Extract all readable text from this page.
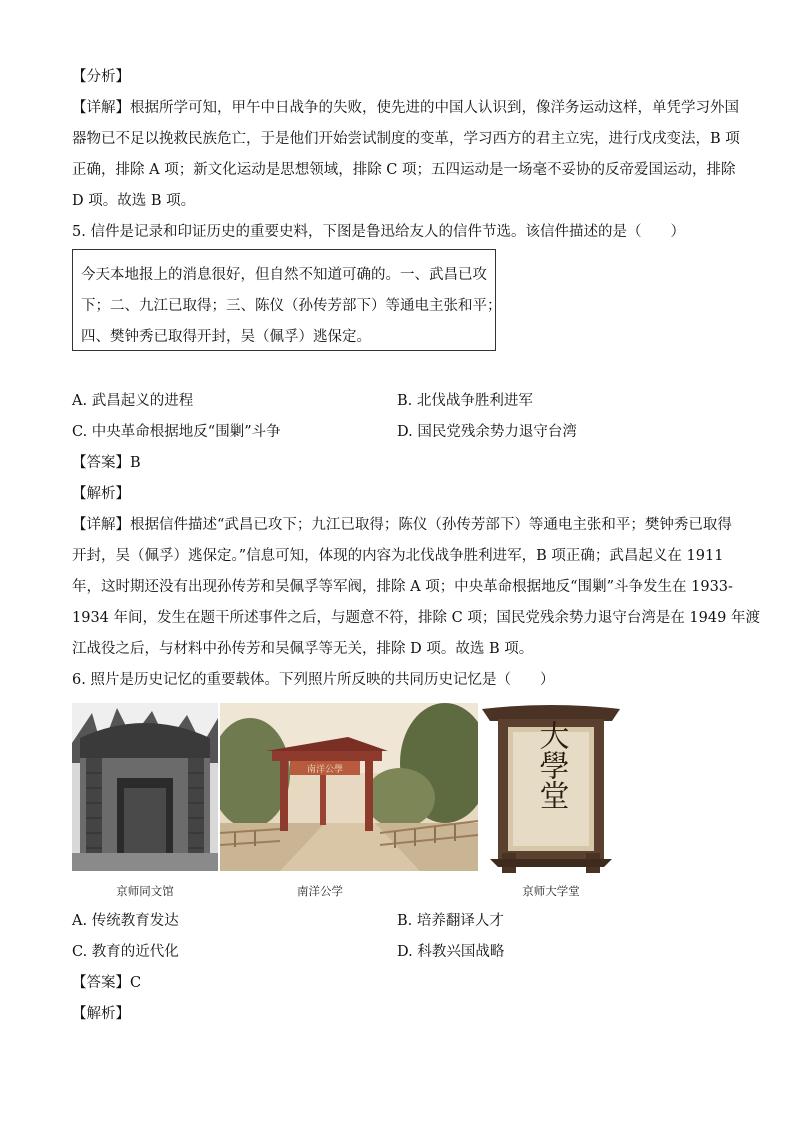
【分析】
【详解】根据所学可知，甲午中日战争的失败，使先进的中国人认识到，像洋务运动这样，单凭学习外国
器物已不足以挽救民族危亡，于是他们开始尝试制度的变革，学习西方的君主立宪，进行戊戌变法，B 项
正确，排除 A 项；新文化运动是思想领域，排除 C 项；五四运动是一场毫不妥协的反帝爱国运动，排除
D 项。故选 B 项。
5. 信件是记录和印证历史的重要史料，下图是鲁迅给友人的信件节选。该信件描述的是（　　）
今天本地报上的消息很好，但自然不知道可确的。一、武昌已攻
下；二、九江已取得；三、陈仪（孙传芳部下）等通电主张和平；
四、樊钟秀已取得开封，吴（佩孚）逃保定。
A. 武昌起义的进程	B. 北伐战争胜利进军
C. 中央革命根据地反“围剿”斗争	D. 国民党残余势力退守台湾
【答案】B
【解析】
【详解】根据信件描述“武昌已攻下；九江已取得；陈仪（孙传芳部下）等通电主张和平；樊钟秀已取得
开封，吴（佩孚）逃保定。”信息可知，体现的内容为北伐战争胜利进军，B 项正确；武昌起义在 1911
年，这时期还没有出现孙传芳和吴佩孚等军阀，排除 A 项；中央革命根据地反“围剿”斗争发生在 1933-
1934 年间，发生在题干所述事件之后，与题意不符，排除 C 项；国民党残余势力退守台湾是在 1949 年渡
江战役之后，与材料中孙传芳和吴佩孚等无关，排除 D 项。故选 B 项。
6. 照片是历史记忆的重要载体。下列照片所反映的共同历史记忆是（　　）
京师同文馆
南洋公學
南洋公学
大學堂
京师大学堂
A. 传统教育发达	B. 培养翻译人才
C. 教育的近代化	D. 科教兴国战略
【答案】C
【解析】
